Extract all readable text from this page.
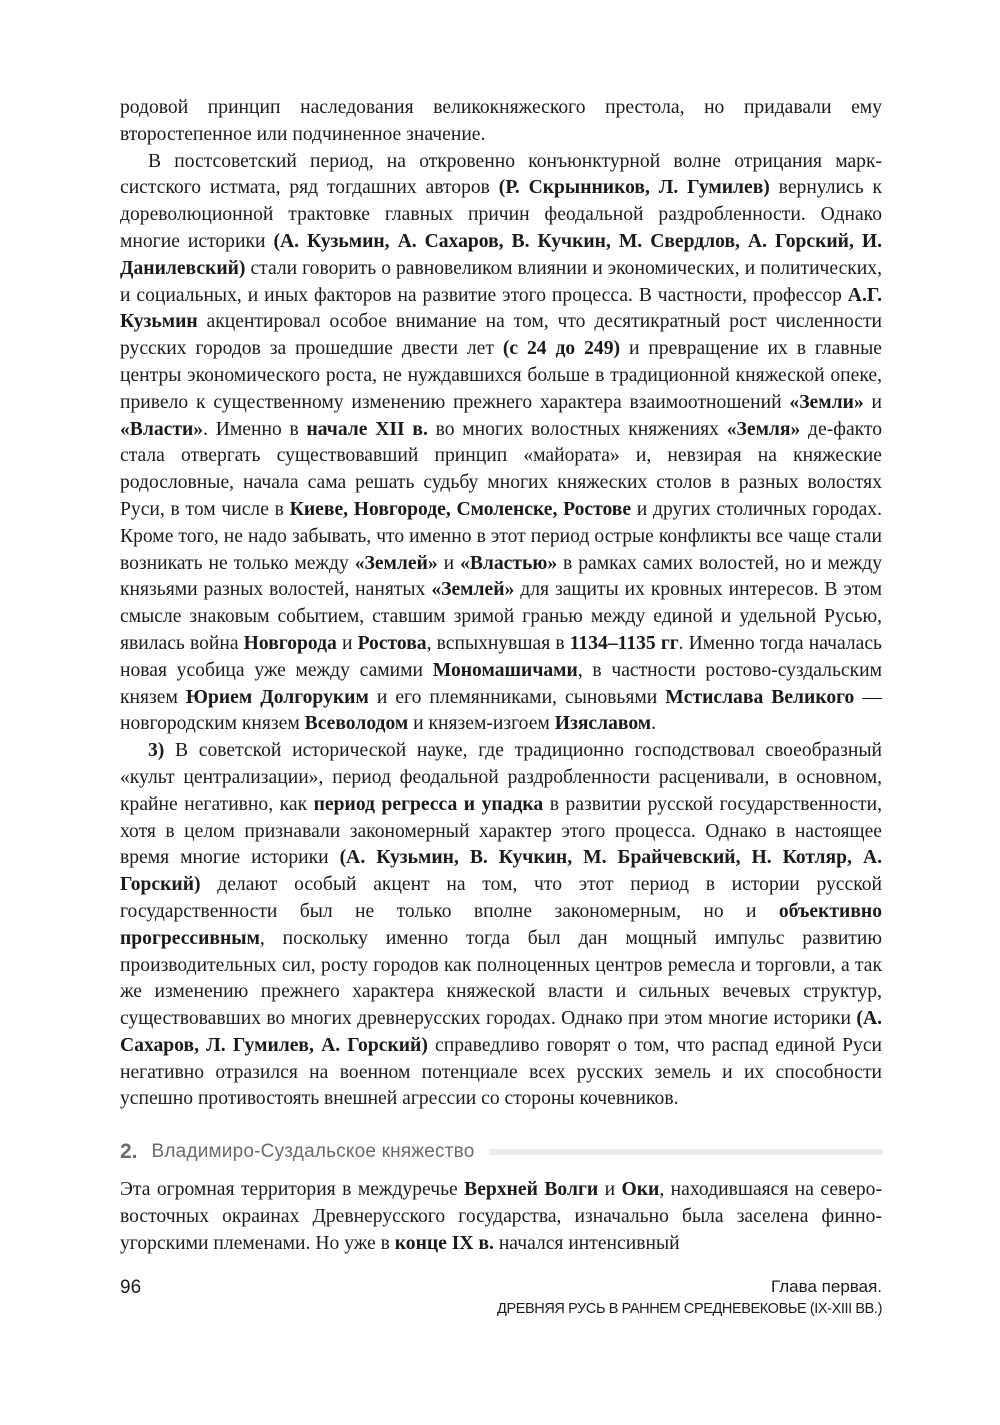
родовой принцип наследования великокняжеского престола, но придавали ему второстепенное или подчиненное значение.

В постсоветский период, на откровенно конъюнктурной волне отрицания марксистского истмата, ряд тогдашних авторов (Р. Скрынников, Л. Гумилев) вернулись к дореволюционной трактовке главных причин феодальной раздробленности. Однако многие историки (А. Кузьмин, А. Сахаров, В. Кучкин, М. Свердлов, А. Горский, И. Данилевский) стали говорить о равновеликом влиянии и экономических, и политических, и социальных, и иных факторов на развитие этого процесса. В частности, профессор А.Г. Кузьмин акцентировал особое внимание на том, что десятикратный рост численности русских городов за прошедшие двести лет (с 24 до 249) и превращение их в главные центры экономического роста, не нуждавшихся больше в традиционной княжеской опеке, привело к существенному изменению прежнего характера взаимоотношений «Земли» и «Власти». Именно в начале XII в. во многих волостных княжениях «Земля» де-факто стала отвергать существовавший принцип «майората» и, невзирая на княжеские родословные, начала сама решать судьбу многих княжеских столов в разных волостях Руси, в том числе в Киеве, Новгороде, Смоленске, Ростове и других столичных городах. Кроме того, не надо забывать, что именно в этот период острые конфликты все чаще стали возникать не только между «Землей» и «Властью» в рамках самих волостей, но и между князьями разных волостей, нанятых «Землей» для защиты их кровных интересов. В этом смысле знаковым событием, ставшим зримой гранью между единой и удельной Русью, явилась война Новгорода и Ростова, вспыхнувшая в 1134–1135 гг. Именно тогда началась новая усобица уже между самими Мономашичами, в частности ростово-суздальским князем Юрием Долгоруким и его племянниками, сыновьями Мстислава Великого — новгородским князем Всеволодом и князем-изгоем Изяславом.

3) В советской исторической науке, где традиционно господствовал своеобразный «культ централизации», период феодальной раздробленности расценивали, в основном, крайне негативно, как период регресса и упадка в развитии русской государственности, хотя в целом признавали закономерный характер этого процесса. Однако в настоящее время многие историки (А. Кузьмин, В. Кучкин, М. Брайчевский, Н. Котляр, А. Горский) делают особый акцент на том, что этот период в истории русской государственности был не только вполне закономерным, но и объективно прогрессивным, поскольку именно тогда был дан мощный импульс развитию производительных сил, росту городов как полноценных центров ремесла и торговли, а так же изменению прежнего характера княжеской власти и сильных вечевых структур, существовавших во многих древнерусских городах. Однако при этом многие историки (А. Сахаров, Л. Гумилев, А. Горский) справедливо говорят о том, что распад единой Руси негативно отразился на военном потенциале всех русских земель и их способности успешно противостоять внешней агрессии со стороны кочевников.

2. Владимиро-Суздальское княжество

Эта огромная территория в междуречье Верхней Волги и Оки, находившаяся на северо-восточных окраинах Древнерусского государства, изначально была заселена финно-угорскими племенами. Но уже в конце IX в. начался интенсивный

96	Глава первая.
ДРЕВНЯЯ РУСЬ В РАННЕМ СРЕДНЕВЕКОВЬЕ (IX-XIII ВВ.)
